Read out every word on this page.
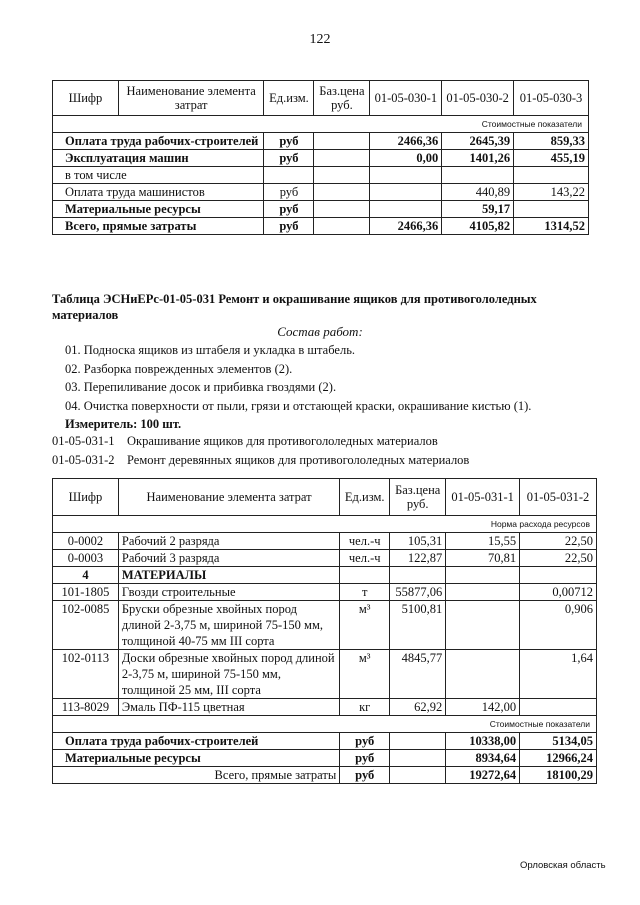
122
Шифр	Наименование элемента затрат	Ед.изм.	Баз.цена руб.	01-05-030-1	01-05-030-2	01-05-030-3
Стоимостные показатели						
Оплата труда рабочих-строителей		руб		2466,36	2645,39	859,33
Эксплуатация машин		руб		0,00	1401,26	455,19
в том числе						
Оплата труда машинистов		руб			440,89	143,22
Материальные ресурсы		руб			59,17	
Всего, прямые затраты		руб		2466,36	4105,82	1314,52
Таблица ЭСНиЕРс-01-05-031 Ремонт и окрашивание ящиков для противогололедных материалов
Состав работ:
01. Подноска ящиков из штабеля и укладка в штабель.
02. Разборка поврежденных элементов (2).
03. Перепиливание досок и прибивка гвоздями (2).
04. Очистка поверхности от пыли, грязи и отстающей краски, окрашивание кистью (1).
Измеритель: 100 шт.
01-05-031-1 Окрашивание ящиков для противогололедных материалов
01-05-031-2 Ремонт деревянных ящиков для противогололедных материалов
Шифр	Наименование элемента затрат	Ед.изм.	Баз.цена руб.	01-05-031-1	01-05-031-2
Норма расхода ресурсов					
0-0002	Рабочий 2 разряда	чел.-ч	105,31	15,55	22,50
0-0003	Рабочий 3 разряда	чел.-ч	122,87	70,81	22,50
4	МАТЕРИАЛЫ				
101-1805	Гвозди строительные	т	55877,06		0,00712
102-0085	Бруски обрезные хвойных пород длиной 2-3,75 м, шириной 75-150 мм, толщиной 40-75 мм III сорта	м³	5100,81		0,906
102-0113	Доски обрезные хвойных пород длиной 2-3,75 м, шириной 75-150 мм, толщиной 25 мм, III сорта	м³	4845,77		1,64
113-8029	Эмаль ПФ-115 цветная	кг	62,92	142,00	
Стоимостные показатели					
Оплата труда рабочих-строителей		руб		10338,00	5134,05
Материальные ресурсы		руб		8934,64	12966,24
Всего, прямые затраты		руб		19272,64	18100,29
Орловская область
